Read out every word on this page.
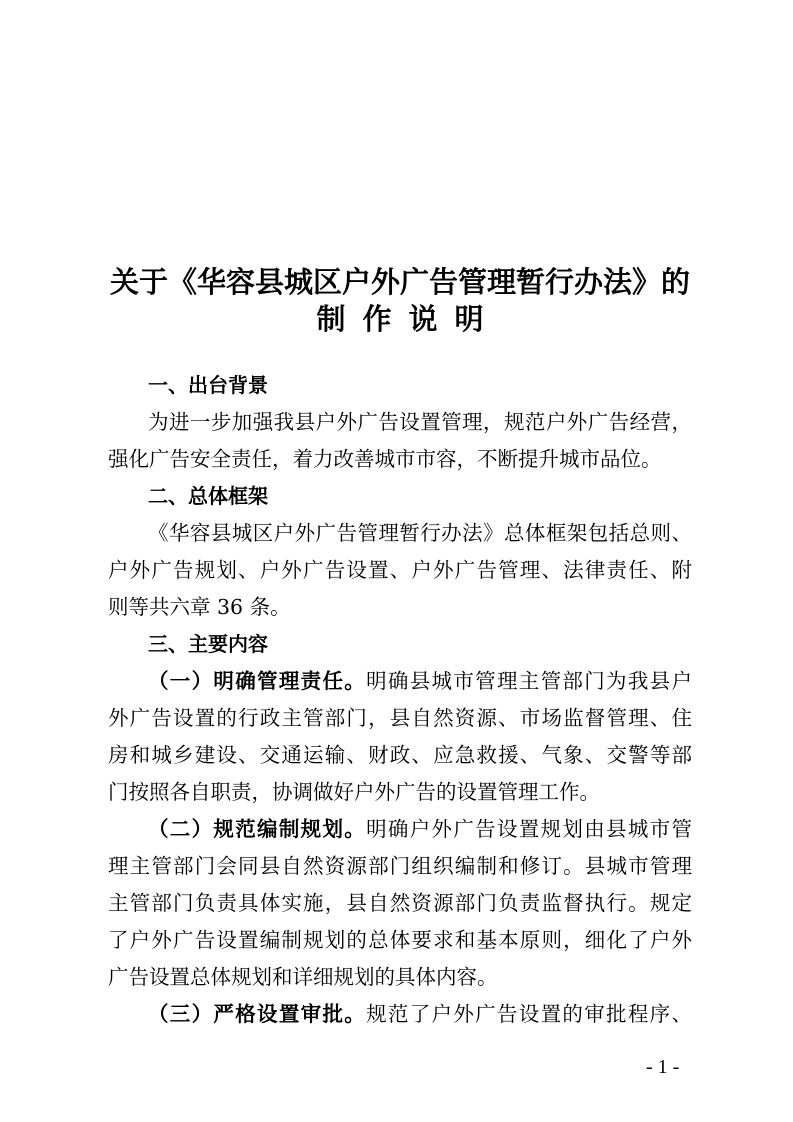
关于《华容县城区户外广告管理暂行办法》的
制作说明
一、出台背景
为进一步加强我县户外广告设置管理，规范户外广告经营，
强化广告安全责任，着力改善城市市容，不断提升城市品位。
二、总体框架
《华容县城区户外广告管理暂行办法》总体框架包括总则、
户外广告规划、户外广告设置、户外广告管理、法律责任、附
则等共六章 36 条。
三、主要内容
（一）明确管理责任。明确县城市管理主管部门为我县户
外广告设置的行政主管部门，县自然资源、市场监督管理、住
房和城乡建设、交通运输、财政、应急救援、气象、交警等部
门按照各自职责，协调做好户外广告的设置管理工作。
（二）规范编制规划。明确户外广告设置规划由县城市管
理主管部门会同县自然资源部门组织编制和修订。县城市管理
主管部门负责具体实施，县自然资源部门负责监督执行。规定
了户外广告设置编制规划的总体要求和基本原则，细化了户外
广告设置总体规划和详细规划的具体内容。
（三）严格设置审批。规范了户外广告设置的审批程序、
- 1 -
